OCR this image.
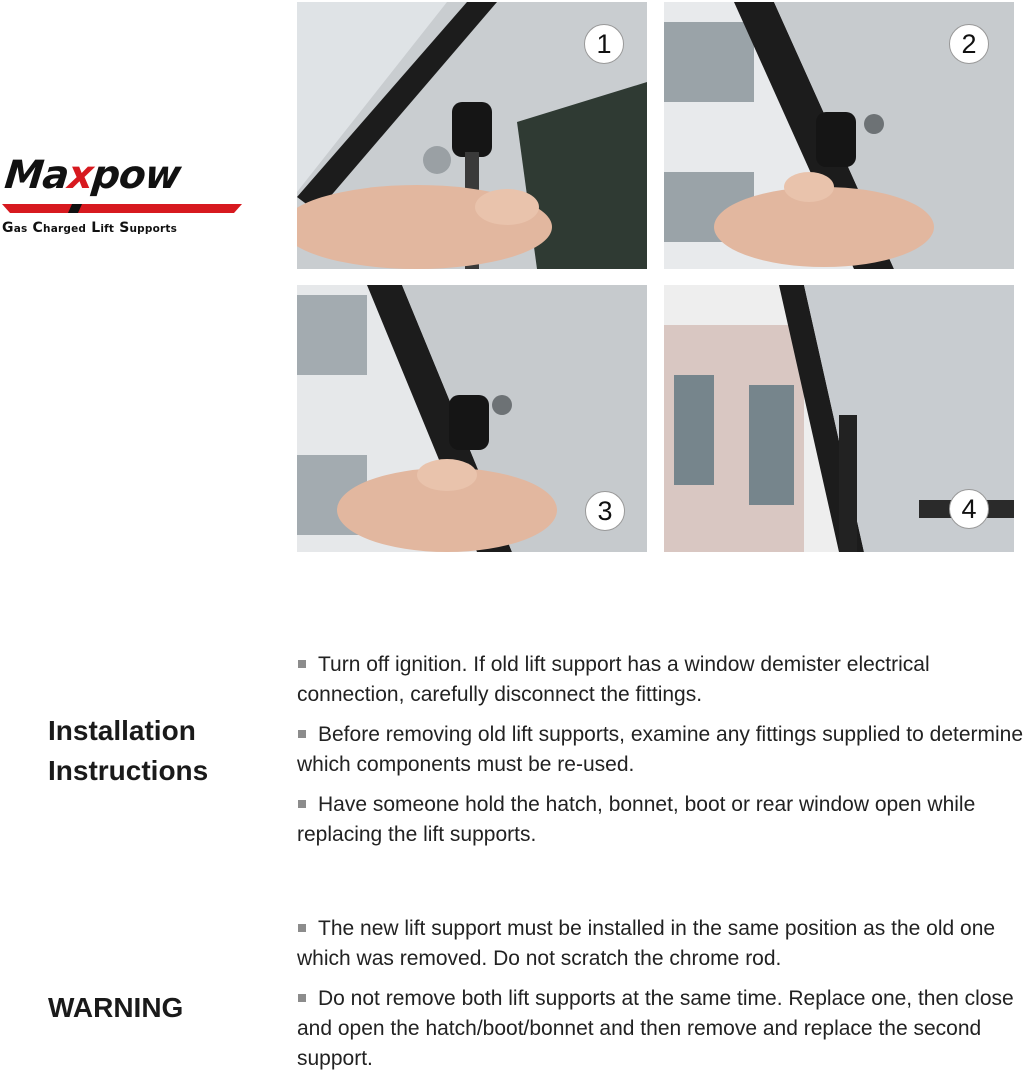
Maxpow
Gas Charged Lift Supports
1	2
3	4
Installation
Instructions
Turn off ignition. If old lift support has a window demister electrical connection, carefully disconnect the fittings.
Before removing old lift supports, examine any fittings supplied to determine which components must be re-used.
Have someone hold the hatch, bonnet, boot or rear window open while replacing the lift supports.
WARNING
The new lift support must be installed in the same position as the old one which was removed. Do not scratch the chrome rod.
Do not remove both lift supports at the same time. Replace one, then close and open the hatch/boot/bonnet and then remove and replace the second support.
